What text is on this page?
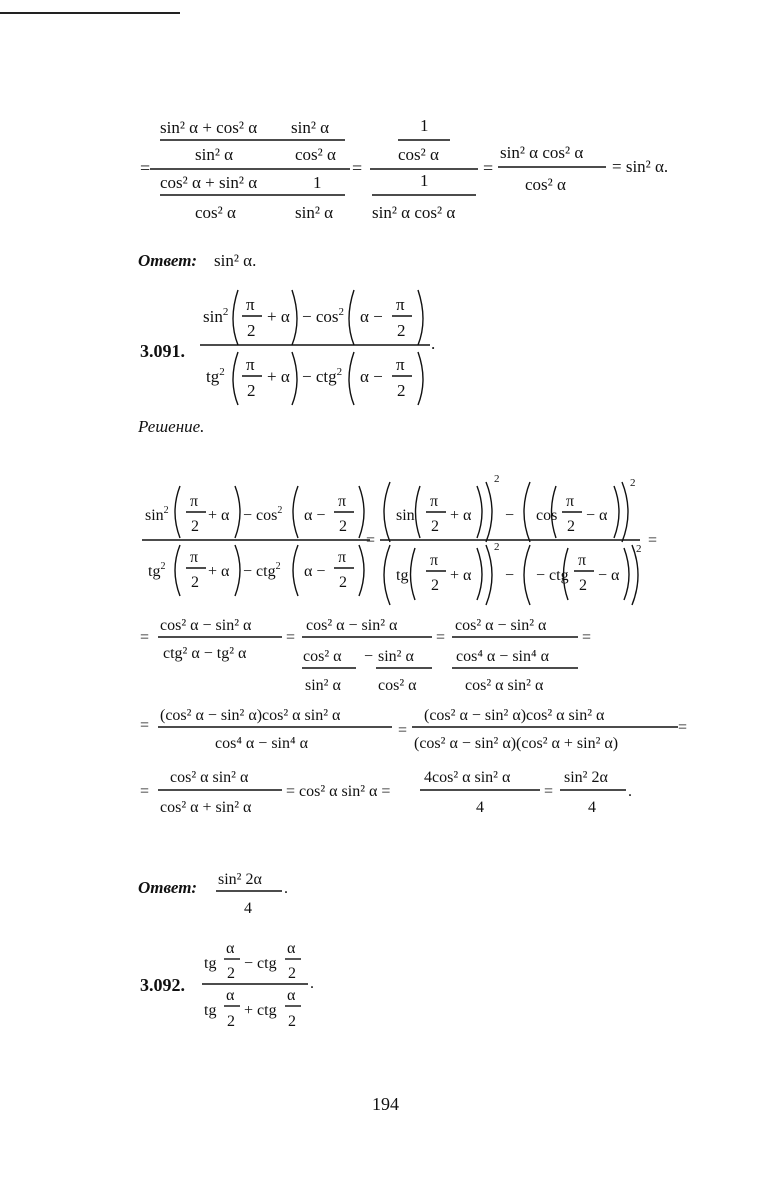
sin² α + cos² α sin² α
sin² α	cos² α
=
cos² α + sin² α	1
cos² α	sin² α
=
1
cos² α
1
sin² α cos² α
=
sin² α cos² α
cos² α
= sin² α.
Ответ: sin² α.
3.091.
$\sin^2 \pi$
2
+ $\alpha - \cos^2 \alpha$ −
π
2
.
$tg^2$ π
2
+ α − ctg$^2$ α −
π
2
Решение.
$\sin^2$
π
2
+ $\alpha - \cos^2 \alpha$ −
π
2
=
$tg^2$
π
2
+ α − ctg$^2$ α −
π
2
sin
π
2
+ α
2
− cos
π
2
− α
2
=
tg
π
2
+ α
2
− − ctg
π
2
− α
2
=
cos² α − sin² α
ctg² α − tg² α
=
cos² α − sin² α
cos² α − sin² α
sin² α cos² α
=
cos² α − sin² α
cos⁴ α − sin⁴ α
cos² α sin² α
=
=
(cos² α − sin² α)cos² α sin² α
cos⁴ α − sin⁴ α
=
(cos² α − sin² α)cos² α sin² α
(cos² α − sin² α)(cos² α + sin² α)
=
=
cos² α sin² α
cos² α + sin² α
= cos² α sin² α =
4cos² α sin² α
4
=
sin² 2α
4
.
Ответ: sin² 2α
4
.
3.092.
tg
α
2
− ctg
α
2
.
tg
α
2
+ ctg
α
2
194
